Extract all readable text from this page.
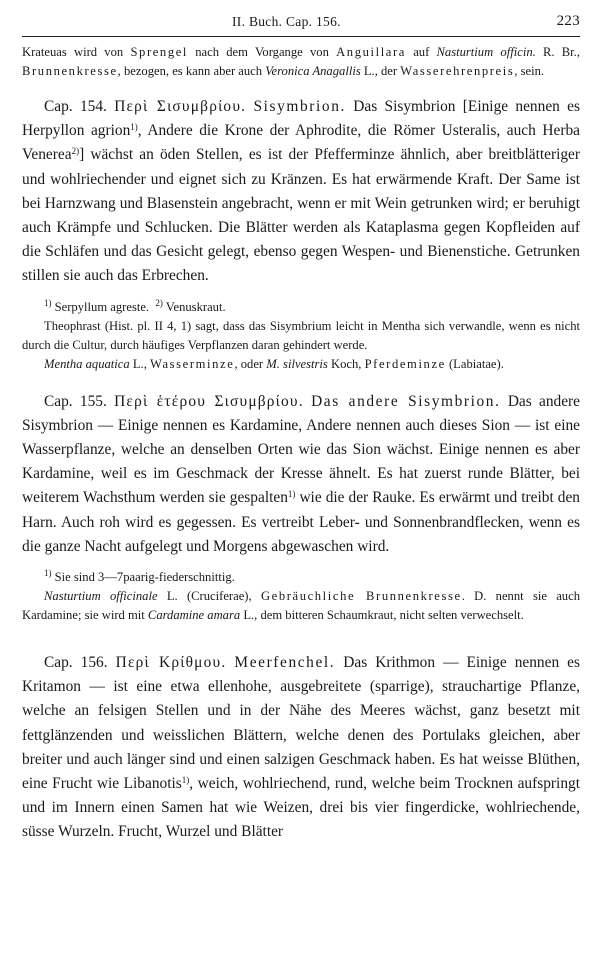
II. Buch. Cap. 156.	223
Krateuas wird von Sprengel nach dem Vorgange von Anguillara auf Nasturtium officin. R. Br., Brunnenkresse, bezogen, es kann aber auch Veronica Anagallis L., der Wasserehrenpreis, sein.
Cap. 154. Περὶ Σισυμβρίου. Sisymbrion. Das Sisymbrion [Einige nennen es Herpyllon agrion$^{1)}$, Andere die Krone der Aphrodite, die Römer Usteralis, auch Herba Venerea$^{2)}$] wächst an öden Stellen, es ist der Pfefferminze ähnlich, aber breitblätteriger und wohlriechender und eignet sich zu Kränzen. Es hat erwärmende Kraft. Der Same ist bei Harnzwang und Blasenstein angebracht, wenn er mit Wein getrunken wird; er beruhigt auch Krämpfe und Schlucken. Die Blätter werden als Kataplasma gegen Kopfleiden auf die Schläfen und das Gesicht gelegt, ebenso gegen Wespen- und Bienenstiche. Getrunken stillen sie auch das Erbrechen.
$^{1)}$ Serpyllum agreste. $^{2)}$ Venuskraut.
Theophrast (Hist. pl. II 4, 1) sagt, dass das Sisymbrium leicht in Mentha sich verwandle, wenn es nicht durch die Cultur, durch häufiges Verpflanzen daran gehindert werde.
Mentha aquatica L., Wasserminze, oder M. silvestris Koch, Pferdeminze (Labiatae).
Cap. 155. Περὶ ἑτέρου Σισυμβρίου. Das andere Sisymbrion. Das andere Sisymbrion — Einige nennen es Kardamine, Andere nennen auch dieses Sion — ist eine Wasserpflanze, welche an denselben Orten wie das Sion wächst. Einige nennen es aber Kardamine, weil es im Geschmack der Kresse ähnelt. Es hat zuerst runde Blätter, bei weiterem Wachsthum werden sie gespalten$^{1)}$ wie die der Rauke. Es erwärmt und treibt den Harn. Auch roh wird es gegessen. Es vertreibt Leber- und Sonnenbrandflecken, wenn es die ganze Nacht aufgelegt und Morgens abgewaschen wird.
$^{1)}$ Sie sind 3—7paarig-fiederschnittig.
Nasturtium officinale L. (Cruciferae), Gebräuchliche Brunnenkresse. D. nennt sie auch Kardamine; sie wird mit Cardamine amara L., dem bitteren Schaumkraut, nicht selten verwechselt.
Cap. 156. Περὶ Κρίθμου. Meerfenchel. Das Krithmon — Einige nennen es Kritamon — ist eine etwa ellenhohe, ausgebreitete (sparrige), strauchartige Pflanze, welche an felsigen Stellen und in der Nähe des Meeres wächst, ganz besetzt mit fettglänzenden und weisslichen Blättern, welche denen des Portulaks gleichen, aber breiter und auch länger sind und einen salzigen Geschmack haben. Es hat weisse Blüthen, eine Frucht wie Libanotis$^{1)}$, weich, wohlriechend, rund, welche beim Trocknen aufspringt und im Innern einen Samen hat wie Weizen, drei bis vier fingerdicke, wohlriechende, süsse Wurzeln. Frucht, Wurzel und Blätter
